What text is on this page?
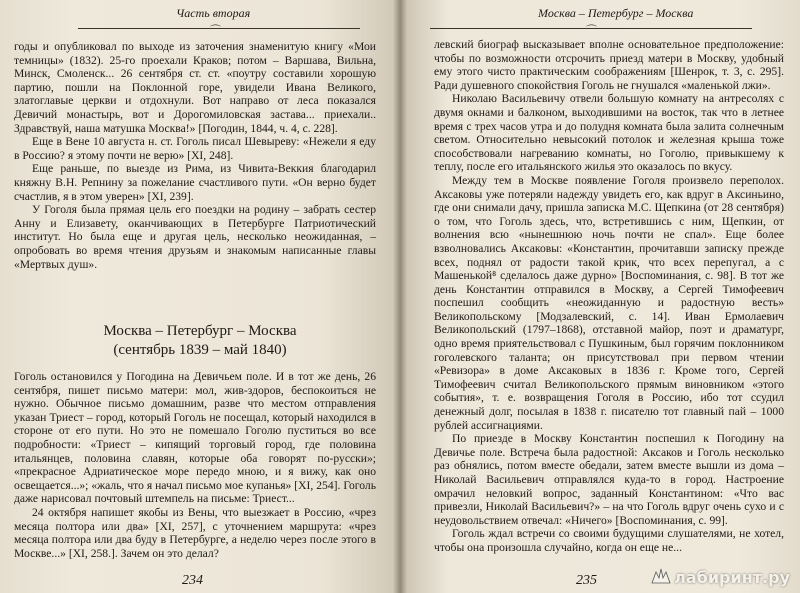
Часть вторая
⌒

годы и опубликовал по выходе из заточения знаменитую книгу «Мои темницы» (1832). 25-го проехали Краков; потом – Варшава, Вильна, Минск, Смоленск... 26 сентября ст. ст. «поутру составили хорошую партию, пошли на Поклонной горе, увидели Ивана Великого, златоглавые церкви и отдохнули. Вот направо от леса показался Девичий монастырь, вот и Дорогомиловская застава... приехали.. Здравствуй, наша матушка Москва!» [Погодин, 1844, ч. 4, с. 228].

Еще в Вене 10 августа н. ст. Гоголь писал Шевыреву: «Нежели я еду в Россию? я этому почти не верю» [XI, 248].

Еще раньше, по выезде из Рима, из Чивита-Веккия благодарил княжну В.Н. Репнину за пожелание счастливого пути. «Он верно будет счастлив, я в этом уверен» [XI, 239].

У Гоголя была прямая цель его поездки на родину – забрать сестер Анну и Елизавету, оканчивающих в Петербурге Патриотический институт. Но была еще и другая цель, несколько неожиданная, – опробовать во время чтения друзьям и знакомым написанные главы «Мертвых душ».

Москва – Петербург – Москва
(сентябрь 1839 – май 1840)

Гоголь остановился у Погодина на Девичьем поле. И в тот же день, 26 сентября, пишет письмо матери: мол, жив-здоров, беспокоиться не нужно. Обычное письмо домашним, разве что местом отправления указан Триест – город, который Гоголь не посещал, который находился в стороне от его пути. Но это не помешало Гоголю пуститься во все подробности: «Триест – кипящий торговый город, где половина итальянцев, половина славян, которые оба говорят по-русски»; «прекрасное Адриатическое море передо мною, и я вижу, как оно освещается...»; «жаль, что я начал письмо мое купанья» [XI, 254]. Гоголь даже нарисовал почтовый штемпель на письме: Триест...

24 октября напишет якобы из Вены, что выезжает в Россию, «чрез месяца полтора или два» [XI, 257], с уточнением маршрута: «чрез месяца полтора или два буду в Петербурге, а неделю через после этого в Москве...» [XI, 258.]. Зачем он это делал?

234
Москва – Петербург – Москва
⌒

левский биограф высказывает вполне основательное предположение: чтобы по возможности отсрочить приезд матери в Москву, удобный ему этого чисто практическим соображениям [Шенрок, т. 3, с. 295]. Ради душевного спокойствия Гоголь не гнушался «маленькой лжи».

Николаю Васильевичу отвели большую комнату на антресолях с двумя окнами и балконом, выходившими на восток, так что в летнее время с трех часов утра и до полудня комната была залита солнечным светом. Относительно невысокий потолок и железная крыша тоже способствовали нагреванию комнаты, но Гоголю, привыкшему к теплу, после его итальянского жилья это оказалось по вкусу.

Между тем в Москве появление Гоголя произвело переполох. Аксаковы уже потеряли надежду увидеть его, как вдруг в Аксиньино, где они снимали дачу, пришла записка М.С. Щепкина (от 28 сентября) о том, что Гоголь здесь, что, встретившись с ним, Щепкин, от волнения всю «нынешнюю ночь почти не спал». Еще более взволновались Аксаковы: «Константин, прочитавши записку прежде всех, поднял от радости такой крик, что всех перепугал, а с Машенькой⁸ сделалось даже дурно» [Воспоминания, с. 98]. В тот же день Константин отправился в Москву, а Сергей Тимофеевич поспешил сообщить «неожиданную и радостную весть» Великопольскому [Модзалевский, с. 14]. Иван Ермолаевич Великопольский (1797–1868), отставной майор, поэт и драматург, одно время приятельствовал с Пушкиным, был горячим поклонником гоголевского таланта; он присутствовал при первом чтении «Ревизора» в доме Аксаковых в 1836 г. Кроме того, Сергей Тимофеевич считал Великопольского прямым виновником «этого события», т. е. возвращения Гоголя в Россию, ибо тот ссудил денежный долг, посылая в 1838 г. писателю тот главный пай – 1000 рублей ассигнациями.

По приезде в Москву Константин поспешил к Погодину на Девичье поле. Встреча была радостной: Аксаков и Гоголь несколько раз обнялись, потом вместе обедали, затем вместе вышли из дома – Николай Васильевич отправлялся куда-то в город. Настроение омрачил неловкий вопрос, заданный Константином: «Что вас привезли, Николай Васильевич?» – на что Гоголь вдруг очень сухо и с неудовольствием отвечал: «Ничего» [Воспоминания, с. 99].

Гоголь ждал встречи со своими будущими слушателями, не хотел, чтобы она произошла случайно, когда он еще не...

235	лабиринт.ру
